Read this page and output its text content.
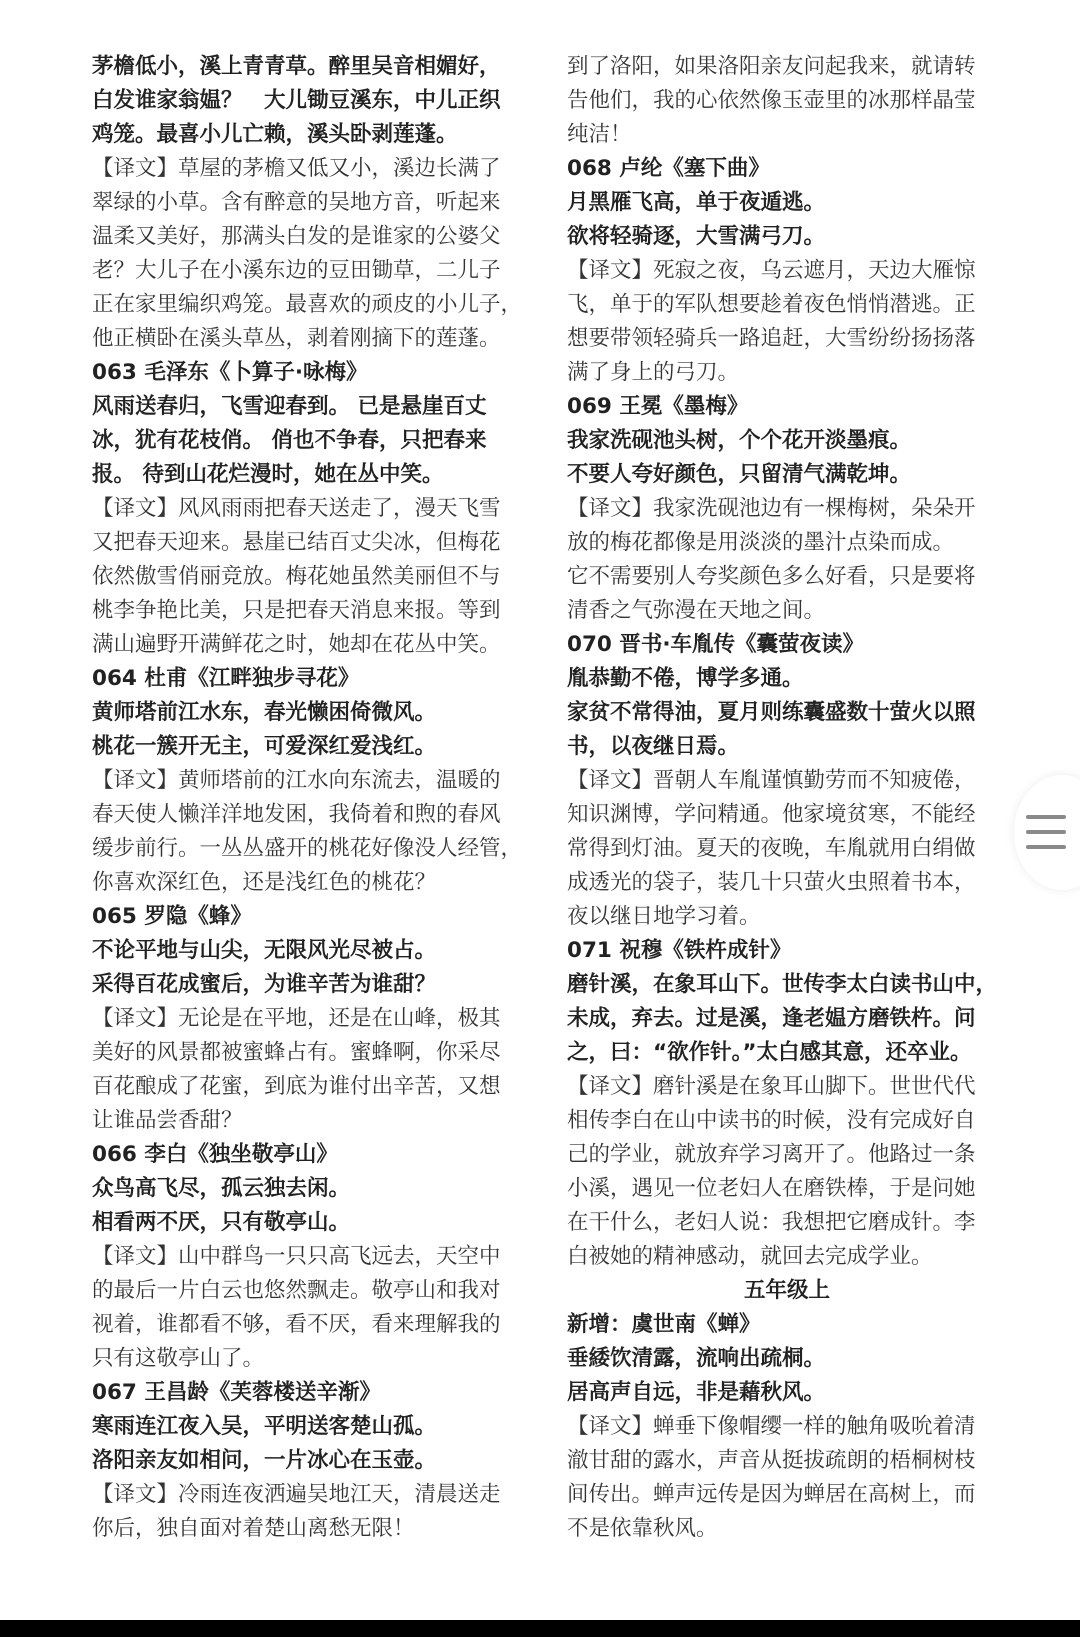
茅檐低小，溪上青青草。醉里吴音相媚好，
白发谁家翁媪？　大儿锄豆溪东，中儿正织
鸡笼。最喜小儿亡赖，溪头卧剥莲蓬。
【译文】草屋的茅檐又低又小，溪边长满了
翠绿的小草。含有醉意的吴地方音，听起来
温柔又美好，那满头白发的是谁家的公婆父
老？大儿子在小溪东边的豆田锄草，二儿子
正在家里编织鸡笼。最喜欢的顽皮的小儿子，
他正横卧在溪头草丛，剥着刚摘下的莲蓬。
063 毛泽东《卜算子·咏梅》
风雨送春归，飞雪迎春到。 已是悬崖百丈
冰，犹有花枝俏。 俏也不争春，只把春来
报。 待到山花烂漫时，她在丛中笑。
【译文】风风雨雨把春天送走了，漫天飞雪
又把春天迎来。悬崖已结百丈尖冰，但梅花
依然傲雪俏丽竞放。梅花她虽然美丽但不与
桃李争艳比美，只是把春天消息来报。等到
满山遍野开满鲜花之时，她却在花丛中笑。
064 杜甫《江畔独步寻花》
黄师塔前江水东，春光懒困倚微风。
桃花一簇开无主，可爱深红爱浅红。
【译文】黄师塔前的江水向东流去，温暖的
春天使人懒洋洋地发困，我倚着和煦的春风
缓步前行。一丛丛盛开的桃花好像没人经管，
你喜欢深红色，还是浅红色的桃花？
065 罗隐《蜂》
不论平地与山尖，无限风光尽被占。
采得百花成蜜后，为谁辛苦为谁甜？
【译文】无论是在平地，还是在山峰，极其
美好的风景都被蜜蜂占有。蜜蜂啊，你采尽
百花酿成了花蜜，到底为谁付出辛苦，又想
让谁品尝香甜？
066 李白《独坐敬亭山》
众鸟高飞尽，孤云独去闲。
相看两不厌，只有敬亭山。
【译文】山中群鸟一只只高飞远去，天空中
的最后一片白云也悠然飘走。敬亭山和我对
视着，谁都看不够，看不厌，看来理解我的
只有这敬亭山了。
067 王昌龄《芙蓉楼送辛渐》
寒雨连江夜入吴，平明送客楚山孤。
洛阳亲友如相问，一片冰心在玉壶。
【译文】冷雨连夜洒遍吴地江天，清晨送走
你后，独自面对着楚山离愁无限！
到了洛阳，如果洛阳亲友问起我来，就请转
告他们，我的心依然像玉壶里的冰那样晶莹
纯洁！
068 卢纶《塞下曲》
月黑雁飞高，单于夜遁逃。
欲将轻骑逐，大雪满弓刀。
【译文】死寂之夜，乌云遮月，天边大雁惊
飞，单于的军队想要趁着夜色悄悄潜逃。正
想要带领轻骑兵一路追赶，大雪纷纷扬扬落
满了身上的弓刀。
069 王冕《墨梅》
我家洗砚池头树，个个花开淡墨痕。
不要人夸好颜色，只留清气满乾坤。
【译文】我家洗砚池边有一棵梅树，朵朵开
放的梅花都像是用淡淡的墨汁点染而成。
它不需要别人夸奖颜色多么好看，只是要将
清香之气弥漫在天地之间。
070 晋书·车胤传《囊萤夜读》
胤恭勤不倦，博学多通。
家贫不常得油，夏月则练囊盛数十萤火以照
书，以夜继日焉。
【译文】晋朝人车胤谨慎勤劳而不知疲倦，
知识渊博，学问精通。他家境贫寒，不能经
常得到灯油。夏天的夜晚，车胤就用白绢做
成透光的袋子，装几十只萤火虫照着书本，
夜以继日地学习着。
071 祝穆《铁杵成针》
磨针溪，在象耳山下。世传李太白读书山中，
未成，弃去。过是溪，逢老媪方磨铁杵。问
之，曰：“欲作针。”太白感其意，还卒业。
【译文】磨针溪是在象耳山脚下。世世代代
相传李白在山中读书的时候，没有完成好自
己的学业，就放弃学习离开了。他路过一条
小溪，遇见一位老妇人在磨铁棒，于是问她
在干什么，老妇人说：我想把它磨成针。李
白被她的精神感动，就回去完成学业。
五年级上
新增：虞世南《蝉》
垂緌饮清露，流响出疏桐。
居高声自远，非是藉秋风。
【译文】蝉垂下像帽缨一样的触角吸吮着清
澈甘甜的露水，声音从挺拔疏朗的梧桐树枝
间传出。蝉声远传是因为蝉居在高树上，而
不是依靠秋风。
